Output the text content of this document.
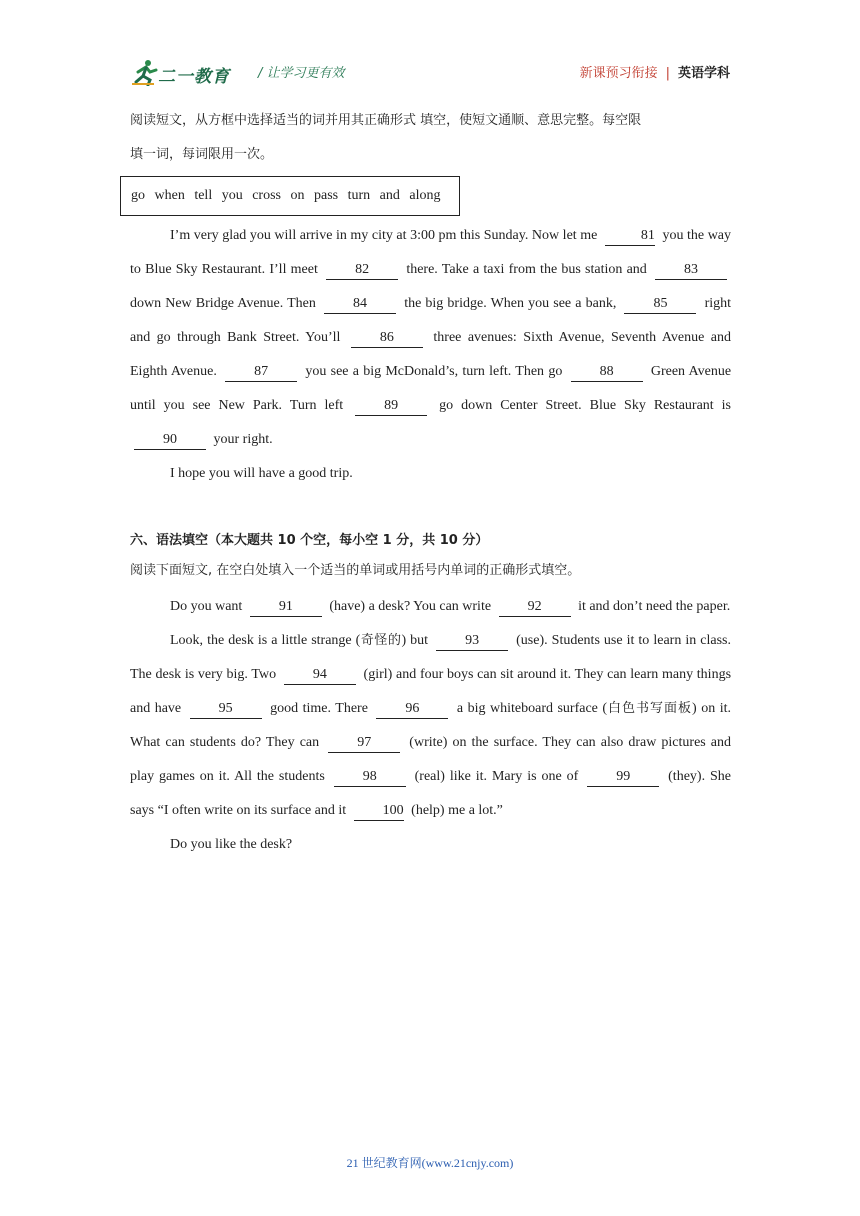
二一教育 / 让学习更有效	新课预习衔接 | 英语学科

阅读短文，从方框中选择适当的词并用其正确形式 填空，使短文通顺、意思完整。每空限

填一词，每词限用一次。

go when tell you cross on pass turn and along

I’m very glad you will arrive in my city at 3:00 pm this Sunday. Now let me	81 you the way to Blue Sky Restaurant. I’ll meet	82	there. Take a taxi from the bus station and	83 down New Bridge Avenue. Then	84	the big bridge. When you see a bank,	85	right and go through Bank Street. You’ll	86	three avenues: Sixth Avenue, Seventh Avenue and Eighth Avenue.	87	you see a big McDonald’s, turn left. Then go	88	Green Avenue until you see New Park. Turn left	89	go down Center Street. Blue Sky Restaurant is 90	your right.

I hope you will have a good trip.

六、语法填空（本大题共 10 个空，每小空 1 分，共 10 分）

阅读下面短文, 在空白处填入一个适当的单词或用括号内单词的正确形式填空。

Do you want	91	(have) a desk? You can write	92	it and don’t need the paper.

Look, the desk is a little strange (奇怪的) but	93	(use). Students use it to learn in class. The desk is very big. Two	94	(girl) and four boys can sit around it. They can learn many things and have	95	good time. There	96	a big whiteboard surface (白色书写面板) on it. What can students do? They can	97	(write) on the surface. They can also draw pictures and play games on it. All the students	98	(real) like it. Mary is one of	99	(they). She says “I often write on its surface and it	100 (help) me a lot.”

Do you like the desk?

21 世纪教育网(www.21cnjy.com)
